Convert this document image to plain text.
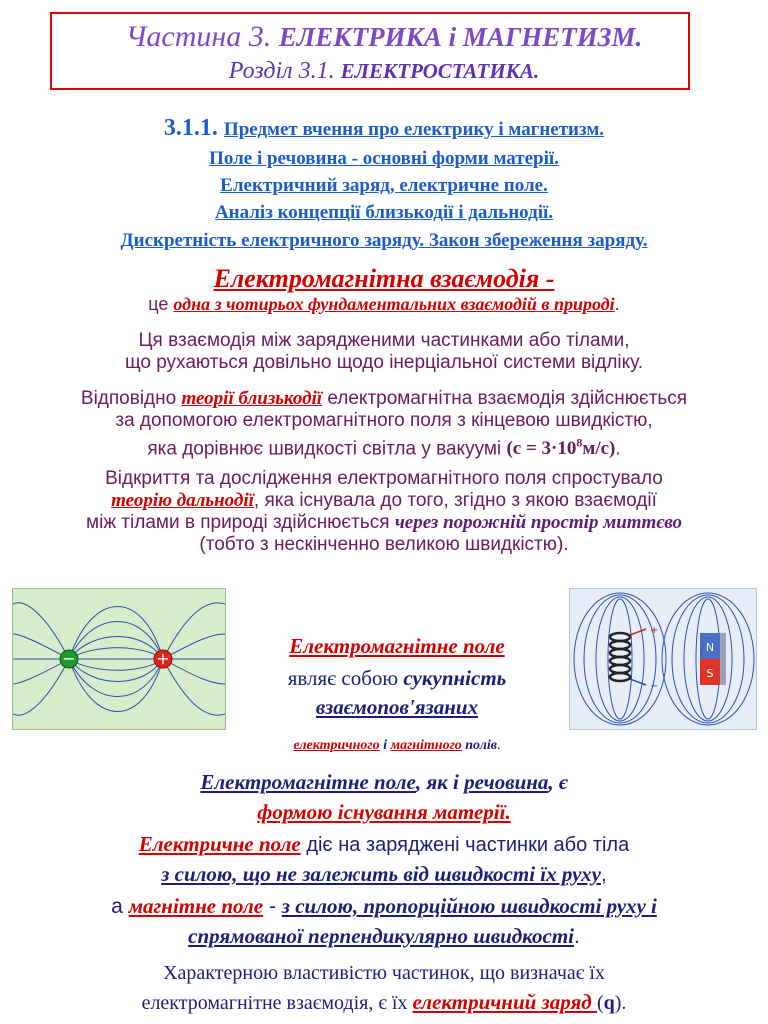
Частина 3. ЕЛЕКТРИКА і МАГНЕТИЗМ.
Розділ 3.1. ЕЛЕКТРОСТАТИКА.
3.1.1. Предмет вчення про електрику і магнетизм.
Поле і речовина - основні форми матерії.
Електричний заряд, електричне поле.
Аналіз концепції близькодії і дальнодії.
Дискретність електричного заряду. Закон збереження заряду.
Електромагнітна взаємодія -
це одна з чотирьох фундаментальних взаємодій в природі.
Ця взаємодія між зарядженими частинками або тілами,
що рухаються довільно щодо інерціальної системи відліку.
Відповідно теорії близькодії електромагнітна взаємодія здійснюється
за допомогою електромагнітного поля з кінцевою швидкістю,
яка дорівнює швидкості світла у вакуумі $(c = 3\cdot 10^8м/с)$.
Відкриття та дослідження електромагнітного поля спростувало
теорію дальнодії, яка існувала до того, згідно з якою взаємодії
між тілами в природі здійснюється через порожній простір миттєво
(тобто з нескінченно великою швидкістю).
−	+
+
−
N
S
Електромагнітне поле
являє собою сукупність
взаємопов'язаних
електричного і магнітного полів.
Електромагнітне поле, як і речовина, є
формою існування матерії.
Електричне поле діє на заряджені частинки або тіла
з силою, що не залежить від швидкості їх руху,
а магнітне поле - з силою, пропорційною швидкості руху і
спрямованої перпендикулярно швидкості.
Характерною властивістю частинок, що визначає їх
електромагнітне взаємодія, є їх електричний заряд (q).
